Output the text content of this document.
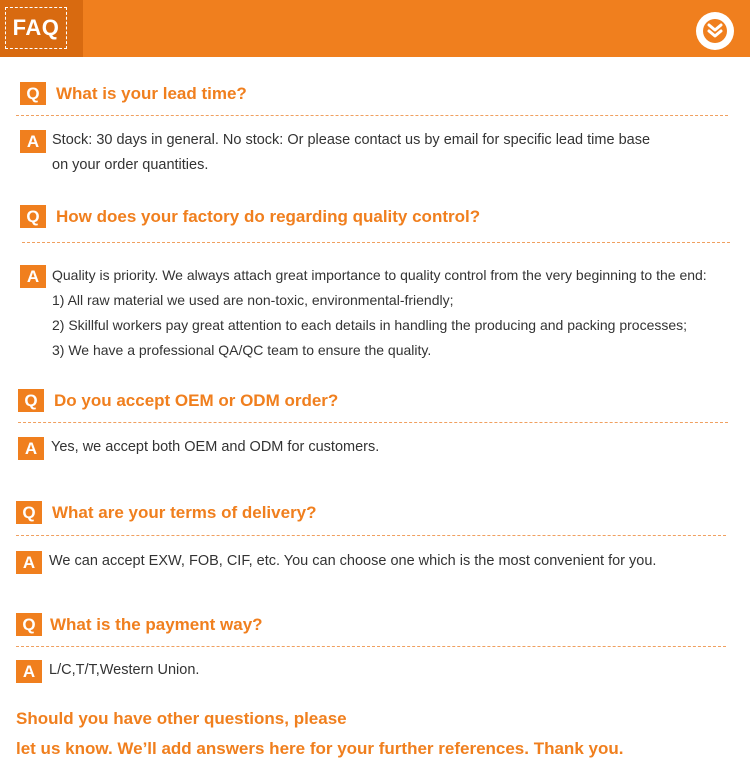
FAQ
Q What is your lead time?
A Stock: 30 days in general. No stock: Or please contact us by email for specific lead time base
on your order quantities.
Q How does your factory do regarding quality control?
A Quality is priority. We always attach great importance to quality control from the very beginning to the end:
1) All raw material we used are non-toxic, environmental-friendly;
2) Skillful workers pay great attention to each details in handling the producing and packing processes;
3) We have a professional QA/QC team to ensure the quality.
Q Do you accept OEM or ODM order?
A Yes, we accept both OEM and ODM for customers.
Q What are your terms of delivery?
A We can accept EXW, FOB, CIF, etc. You can choose one which is the most convenient for you.
Q What is the payment way?
A L/C,T/T,Western Union.
Should you have other questions, please
let us know. We’ll add answers here for your further references. Thank you.
